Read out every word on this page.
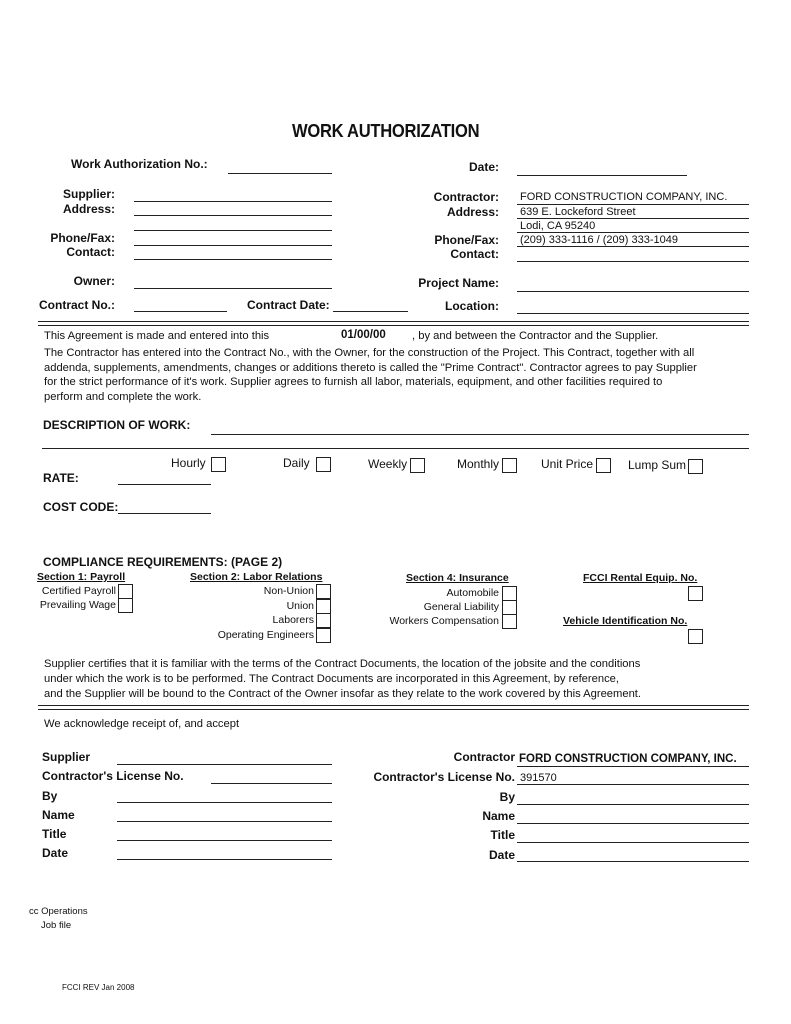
WORK AUTHORIZATION
Work Authorization No.:
Supplier:
Address:
Phone/Fax:
Contact:
Owner:
Contract No.:	Contract Date:
Date:
Contractor: FORD CONSTRUCTION COMPANY, INC.
Address: 639 E. Lockeford Street
Lodi, CA 95240
Phone/Fax: (209) 333-1116 / (209) 333-1049
Contact:
Project Name:
Location:
This Agreement is made and entered into this	01/00/00 , by and between the Contractor and the Supplier.
The Contractor has entered into the Contract No., with the Owner, for the construction of the Project. This Contract, together with all
addenda, supplements, amendments, changes or additions thereto is called the "Prime Contract". Contractor agrees to pay Supplier
for the strict performance of it's work. Supplier agrees to furnish all labor, materials, equipment, and other facilities required to
perform and complete the work.
DESCRIPTION OF WORK:
Hourly	Daily	Weekly	Monthly	Unit Price	Lump Sum
RATE:
COST CODE:
COMPLIANCE REQUIREMENTS: (PAGE 2)
Section 1: Payroll
Certified Payroll
Prevailing Wage
Section 2: Labor Relations
Non-Union
Union
Laborers
Operating Engineers
Section 4: Insurance
Automobile
General Liability
Workers Compensation
FCCI Rental Equip. No.
Vehicle Identification No.
Supplier certifies that it is familiar with the terms of the Contract Documents, the location of the jobsite and the conditions
under which the work is to be performed. The Contract Documents are incorporated in this Agreement, by reference,
and the Supplier will be bound to the Contract of the Owner insofar as they relate to the work covered by this Agreement.
We acknowledge receipt of, and accept
Supplier
Contractor's License No.
By
Name
Title
Date
Contractor FORD CONSTRUCTION COMPANY, INC.
Contractor's License No. 391570
By
Name
Title
Date
cc Operations
Job file
FCCI REV Jan 2008
